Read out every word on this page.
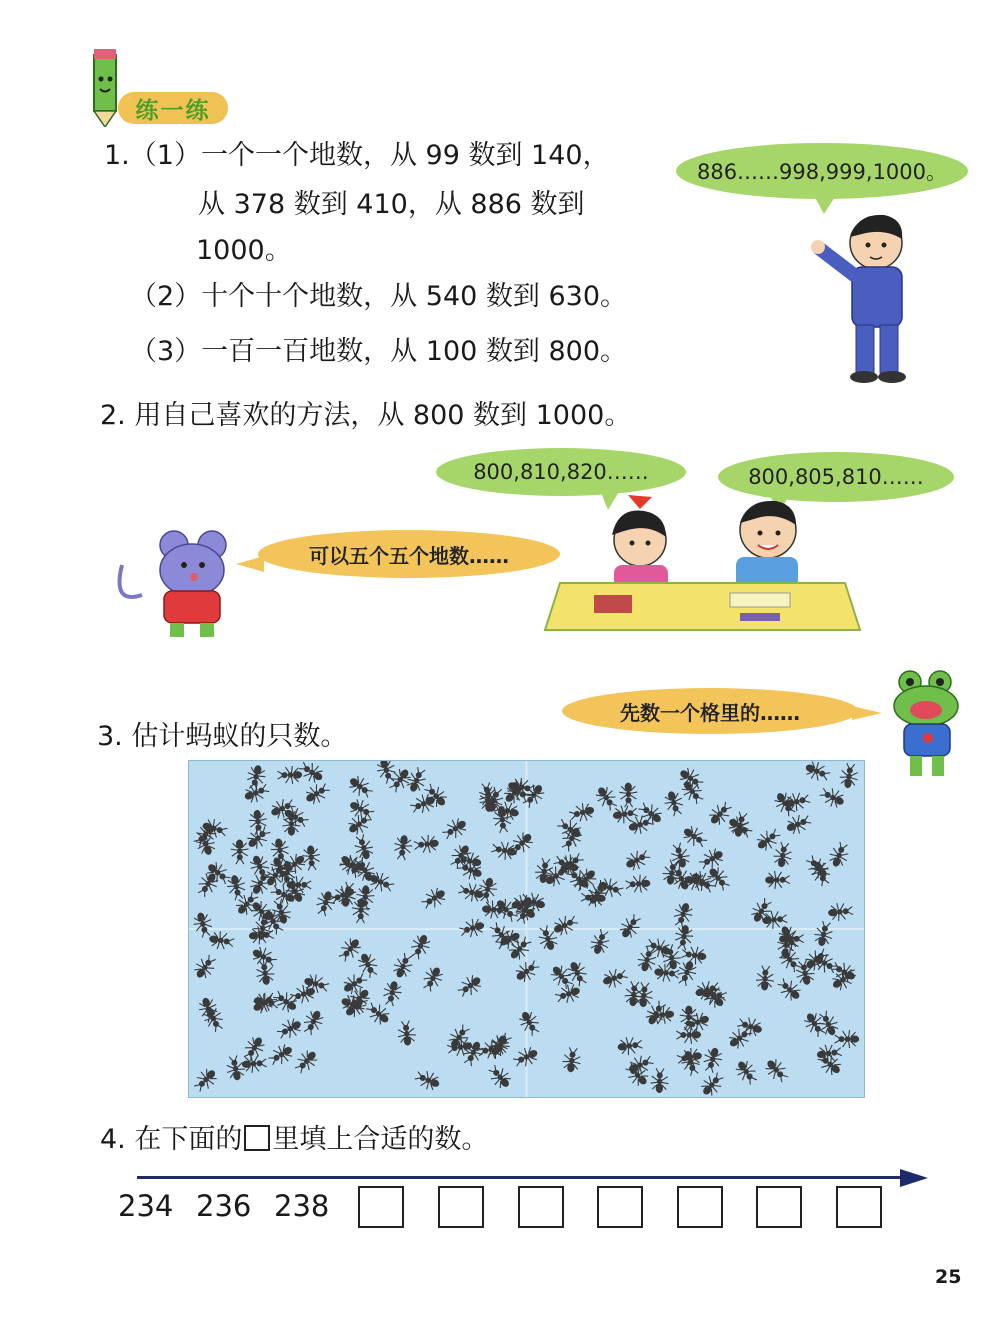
练一练
1.（1）一个一个地数，从 99 数到 140，
从 378 数到 410，从 886 数到
1000。
（2）十个十个地数，从 540 数到 630。
（3）一百一百地数，从 100 数到 800。
886……998,999,1000。
2. 用自己喜欢的方法，从 800 数到 1000。
800,810,820……	800,805,810……
可以五个五个地数……
3. 估计蚂蚁的只数。
先数一个格里的……
4. 在下面的 里填上合适的数。
234 236 238
25
